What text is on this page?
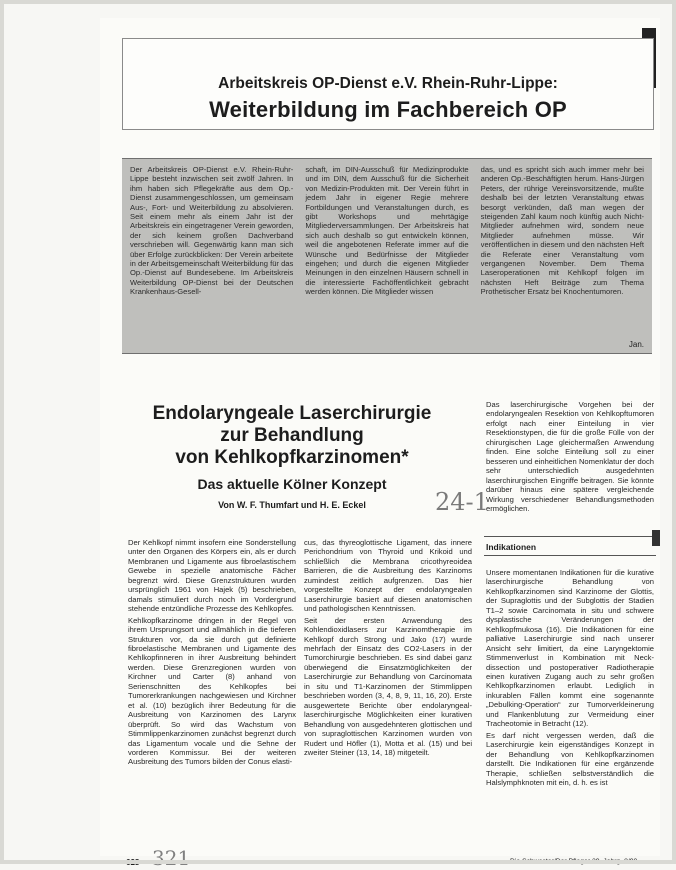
Arbeitskreis OP-Dienst e.V. Rhein-Ruhr-Lippe:
Weiterbildung im Fachbereich OP
Der Arbeitskreis OP-Dienst e.V. Rhein-Ruhr-Lippe besteht inzwischen seit zwölf Jahren. In ihm haben sich Pflegekräfte aus dem Op.-Dienst zusammengeschlossen, um gemeinsam Aus-, Fort- und Weiterbildung zu absolvieren. Seit einem mehr als einem Jahr ist der Arbeitskreis ein eingetragener Verein geworden, der sich keinem großen Dachverband verschrieben will. Gegenwärtig kann man sich über Erfolge zurückblicken: Der Verein arbeitete in der Arbeitsgemeinschaft Weiterbildung für das Op.-Dienst auf Bundesebene. Im Arbeitskreis Weiterbildung OP-Dienst bei der Deutschen Krankenhaus-Gesell-
schaft, im DIN-Ausschuß für Medizinprodukte und im DIN, dem Ausschuß für die Sicherheit von Medizin-Produkten mit. Der Verein führt in jedem Jahr in eigener Regie mehrere Fortbildungen und Veranstaltungen durch, es gibt Workshops und mehrtägige Mitgliederversammlungen. Der Arbeitskreis hat sich auch deshalb so gut entwickeln können, weil die angebotenen Referate immer auf die Wünsche und Bedürfnisse der Mitglieder eingehen; und durch die eigenen Mitglieder Meinungen in den einzelnen Häusern schnell in die interessierte Fachöffentlichkeit gebracht werden können. Die Mitglieder wissen
das, und es spricht sich auch immer mehr bei anderen Op.-Beschäftigten herum. Hans-Jürgen Peters, der rührige Vereinsvorsitzende, mußte deshalb bei der letzten Veranstaltung etwas besorgt verkünden, daß man wegen der steigenden Zahl kaum noch künftig auch Nicht-Mitglieder aufnehmen wird, sondern neue Mitglieder aufnehmen müsse. Wir veröffentlichen in diesem und den nächsten Heft die Referate einer Veranstaltung vom vergangenen November. Dem Thema Laseroperationen mit Kehlkopf folgen im nächsten Heft Beiträge zum Thema Prothetischer Ersatz bei Knochentumoren.
Jan.
Endolaryngeale Laserchirurgie
zur Behandlung
von Kehlkopfkarzinomen*
Das aktuelle Kölner Konzept
Von W. F. Thumfart und H. E. Eckel	24-1

Der Kehlkopf nimmt insofern eine Sonderstellung unter den Organen des Körpers ein, als er durch Membranen und Ligamente aus fibroelastischem Gewebe in spezielle anatomische Fächer begrenzt wird. Diese Grenzstrukturen wurden ursprünglich 1961 von Hajek (5) beschrieben, damals stimuliert durch noch im Vordergrund stehende entzündliche Prozesse des Kehlkopfes.

Kehlkopfkarzinome dringen in der Regel von ihrem Ursprungsort und allmählich in die tieferen Strukturen vor, da sie durch gut definierte fibroelastische Membranen und Ligamente des Kehlkopfinneren in ihrer Ausbreitung behindert werden. Diese Grenzregionen wurden von Kirchner und Carter (8) anhand von Serienschnitten des Kehlkopfes bei Tumorerkrankungen nachgewiesen und Kirchner et al. (10) bezüglich ihrer Bedeutung für die Ausbreitung von Karzinomen des Larynx überprüft. So wird das Wachstum von Stimmlippenkarzinomen zunächst begrenzt durch das Ligamentum vocale und die Sehne der vorderen Kommissur. Bei der weiteren Ausbreitung des Tumors bilden der Conus elasti-

cus, das thyreoglottische Ligament, das innere Perichondrium von Thyroid und Krikoid und schließlich die Membrana cricothyreoidea Barrieren, die die Ausbreitung des Karzinoms zumindest zeitlich aufgrenzen. Das hier vorgestellte Konzept der endolaryngealen Laserchirurgie basiert auf diesen anatomischen und pathologischen Kenntnissen.

Seit der ersten Anwendung des Kohlendioxidlasers zur Karzinomtherapie im Kehlkopf durch Strong und Jako (17) wurde mehrfach der Einsatz des CO2-Lasers in der Tumorchirurgie beschrieben. Es sind dabei ganz überwiegend die Einsatzmöglichkeiten der Laserchirurgie zur Behandlung von Carcinomata in situ und T1-Karzinomen der Stimmlippen beschrieben worden (3, 4, 8, 9, 11, 16, 20). Erste ausgewertete Berichte über endolaryngeal-laserchirurgische Möglichkeiten einer kurativen Behandlung von ausgedehnteren glottischen und von supraglottischen Karzinomen wurden von Rudert und Höfler (1), Motta et al. (15) und bei zweiter Steiner (13, 14, 18) mitgeteilt.

Das laserchirurgische Vorgehen bei der endolaryngealen Resektion von Kehlkopftumoren erfolgt nach einer Einteilung in vier Resektionstypen, die für die große Fülle von der chirurgischen Lage gleichermaßen Anwendung finden. Eine solche Einteilung soll zu einer besseren und einheitlichen Nomenklatur der doch sehr unterschiedlich ausgedehnten laserchirurgischen Eingriffe beitragen. Sie könnte darüber hinaus eine spätere vergleichende Wirkung verschiedener Behandlungsmethoden ermöglichen.

Indikationen

Unsere momentanen Indikationen für die kurative laserchirurgische Behandlung von Kehlkopfkarzinomen sind Karzinome der Glottis, der Supraglottis und der Subglottis der Stadien T1–2 sowie Carcinomata in situ und schwere dysplastische Veränderungen der Kehlkopfmukosa (16). Die Indikationen für eine palliative Laserchirurgie sind nach unserer Ansicht sehr limitiert, da eine Laryngektomie Stimmenverlust in Kombination mit Neck-dissection und postoperativer Radiotherapie einen kurativen Zugang auch zu sehr großen Kehlkopfkarzinomen erlaubt. Lediglich in inkurablen Fällen kommt eine sogenannte „Debulking-Operation“ zur Tumorverkleinerung und Flankenblutung zur Vermeidung einer Tracheotomie in Betracht (12).

Es darf nicht vergessen werden, daß die Laserchirurgie kein eigenständiges Konzept in der Behandlung von Kehlkopfkarzinomen darstellt. Die Indikationen für eine ergänzende Therapie, schließen selbstverständlich die Halslymphknoten mit ein, d. h. es ist

628 321	Die Schwester/Der Pfleger 29. Jahrg. 8/90
